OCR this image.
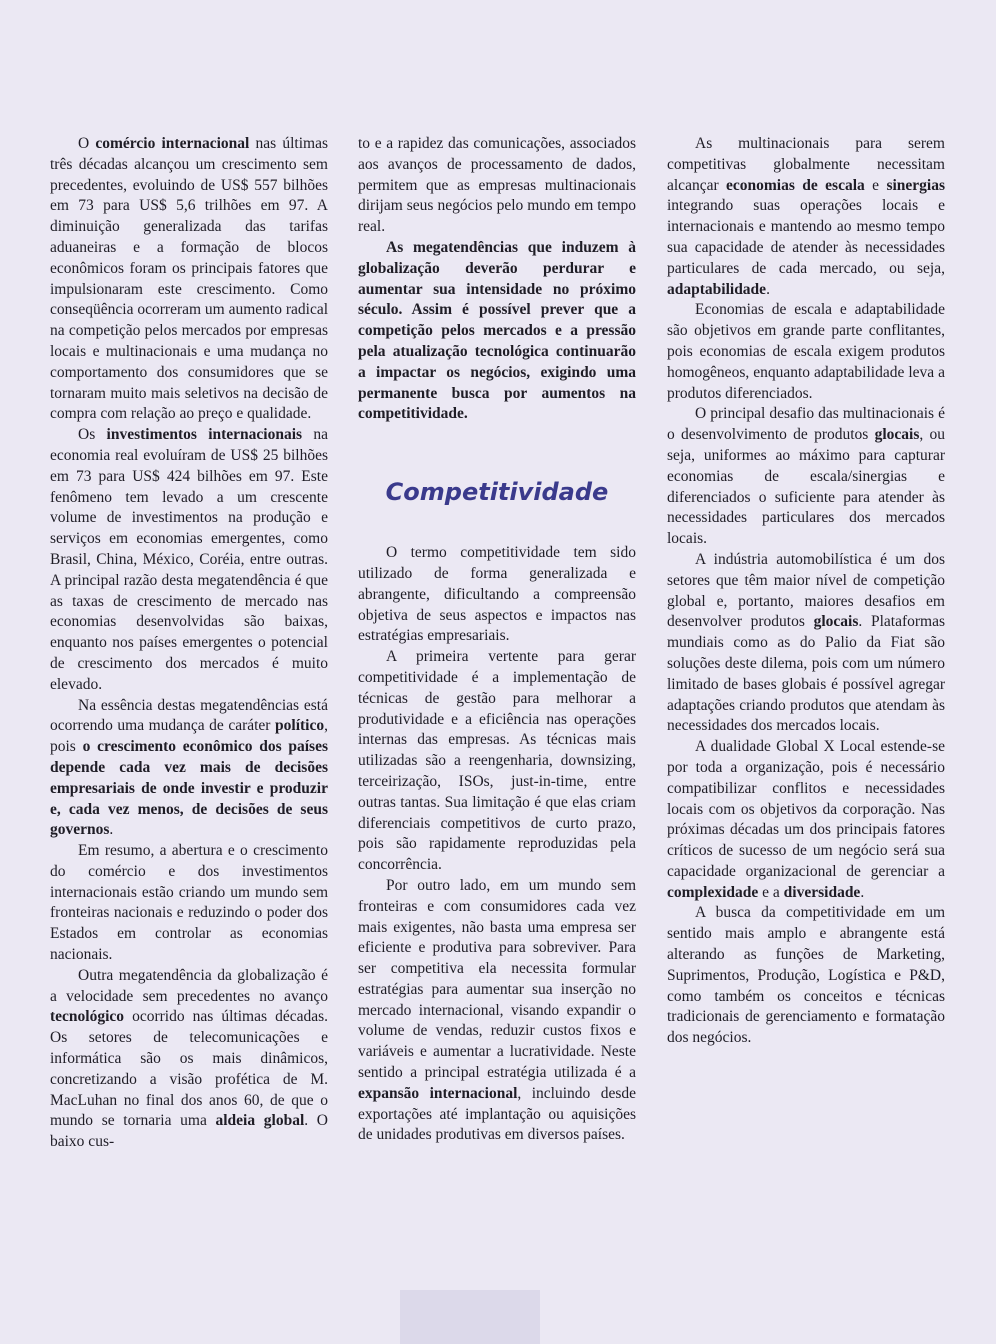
O comércio internacional nas últimas três décadas alcançou um crescimento sem precedentes, evoluindo de US$ 557 bilhões em 73 para US$ 5,6 trilhões em 97. A diminuição generalizada das tarifas aduaneiras e a formação de blocos econômicos foram os principais fatores que impulsionaram este crescimento. Como conseqüência ocorreram um aumento radical na competição pelos mercados por empresas locais e multinacionais e uma mudança no comportamento dos consumidores que se tornaram muito mais seletivos na decisão de compra com relação ao preço e qualidade.

Os investimentos internacionais na economia real evoluíram de US$ 25 bilhões em 73 para US$ 424 bilhões em 97. Este fenômeno tem levado a um crescente volume de investimentos na produção e serviços em economias emergentes, como Brasil, China, México, Coréia, entre outras. A principal razão desta megatendência é que as taxas de crescimento de mercado nas economias desenvolvidas são baixas, enquanto nos países emergentes o potencial de crescimento dos mercados é muito elevado.

Na essência destas megatendências está ocorrendo uma mudança de caráter político, pois o crescimento econômico dos países depende cada vez mais de decisões empresariais de onde investir e produzir e, cada vez menos, de decisões de seus governos.

Em resumo, a abertura e o crescimento do comércio e dos investimentos internacionais estão criando um mundo sem fronteiras nacionais e reduzindo o poder dos Estados em controlar as economias nacionais.

Outra megatendência da globalização é a velocidade sem precedentes no avanço tecnológico ocorrido nas últimas décadas. Os setores de telecomunicações e informática são os mais dinâmicos, concretizando a visão profética de M. MacLuhan no final dos anos 60, de que o mundo se tornaria uma aldeia global. O baixo cus-

to e a rapidez das comunicações, associados aos avanços de processamento de dados, permitem que as empresas multinacionais dirijam seus negócios pelo mundo em tempo real.

As megatendências que induzem à globalização deverão perdurar e aumentar sua intensidade no próximo século. Assim é possível prever que a competição pelos mercados e a pressão pela atualização tecnológica continuarão a impactar os negócios, exigindo uma permanente busca por aumentos na competitividade.

Competitividade

O termo competitividade tem sido utilizado de forma generalizada e abrangente, dificultando a compreensão objetiva de seus aspectos e impactos nas estratégias empresariais.

A primeira vertente para gerar competitividade é a implementação de técnicas de gestão para melhorar a produtividade e a eficiência nas operações internas das empresas. As técnicas mais utilizadas são a reengenharia, downsizing, terceirização, ISOs, just-in-time, entre outras tantas. Sua limitação é que elas criam diferenciais competitivos de curto prazo, pois são rapidamente reproduzidas pela concorrência.

Por outro lado, em um mundo sem fronteiras e com consumidores cada vez mais exigentes, não basta uma empresa ser eficiente e produtiva para sobreviver. Para ser competitiva ela necessita formular estratégias para aumentar sua inserção no mercado internacional, visando expandir o volume de vendas, reduzir custos fixos e variáveis e aumentar a lucratividade. Neste sentido a principal estratégia utilizada é a expansão internacional, incluindo desde exportações até implantação ou aquisições de unidades produtivas em diversos países.

As multinacionais para serem competitivas globalmente necessitam alcançar economias de escala e sinergias integrando suas operações locais e internacionais e mantendo ao mesmo tempo sua capacidade de atender às necessidades particulares de cada mercado, ou seja, adaptabilidade.

Economias de escala e adaptabilidade são objetivos em grande parte conflitantes, pois economias de escala exigem produtos homogêneos, enquanto adaptabilidade leva a produtos diferenciados.

O principal desafio das multinacionais é o desenvolvimento de produtos glocais, ou seja, uniformes ao máximo para capturar economias de escala/sinergias e diferenciados o suficiente para atender às necessidades particulares dos mercados locais.

A indústria automobilística é um dos setores que têm maior nível de competição global e, portanto, maiores desafios em desenvolver produtos glocais. Plataformas mundiais como as do Palio da Fiat são soluções deste dilema, pois com um número limitado de bases globais é possível agregar adaptações criando produtos que atendam às necessidades dos mercados locais.

A dualidade Global X Local estende-se por toda a organização, pois é necessário compatibilizar conflitos e necessidades locais com os objetivos da corporação. Nas próximas décadas um dos principais fatores críticos de sucesso de um negócio será sua capacidade organizacional de gerenciar a complexidade e a diversidade.

A busca da competitividade em um sentido mais amplo e abrangente está alterando as funções de Marketing, Suprimentos, Produção, Logística e P&D, como também os conceitos e técnicas tradicionais de gerenciamento e formatação dos negócios.
